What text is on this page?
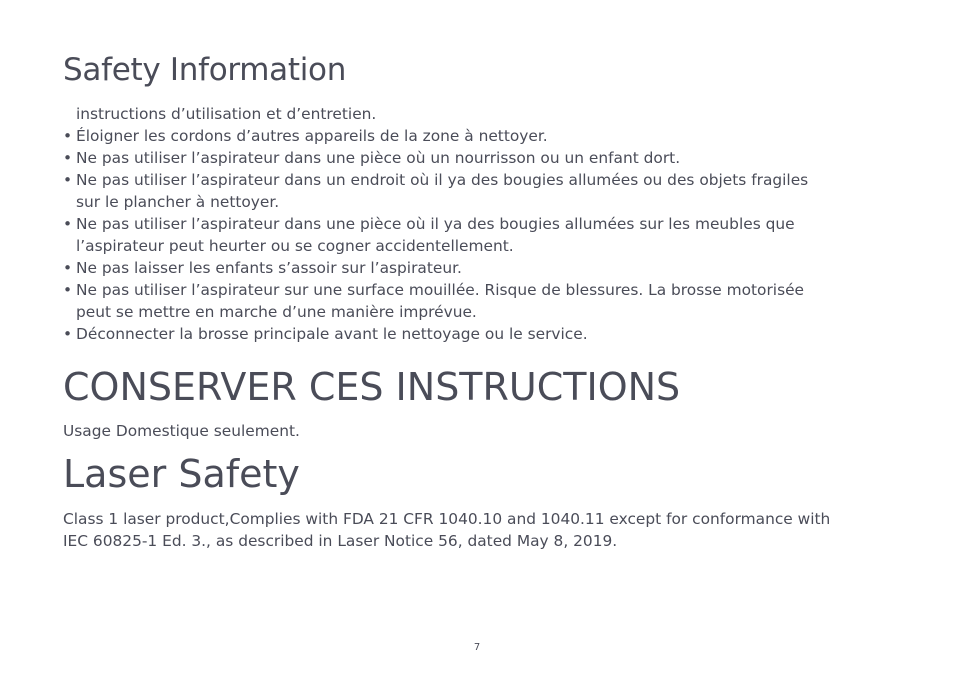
Safety Information
instructions d’utilisation et d’entretien.
• Éloigner les cordons d’autres appareils de la zone à nettoyer.
• Ne pas utiliser l’aspirateur dans une pièce où un nourrisson ou un enfant dort.
• Ne pas utiliser l’aspirateur dans un endroit où il ya des bougies allumées ou des objets fragiles
sur le plancher à nettoyer.
• Ne pas utiliser l’aspirateur dans une pièce où il ya des bougies allumées sur les meubles que
l’aspirateur peut heurter ou se cogner accidentellement.
• Ne pas laisser les enfants s’assoir sur l’aspirateur.
• Ne pas utiliser l’aspirateur sur une surface mouillée. Risque de blessures. La brosse motorisée
peut se mettre en marche d’une manière imprévue.
• Déconnecter la brosse principale avant le nettoyage ou le service.
CONSERVER CES INSTRUCTIONS
Usage Domestique seulement.
Laser Safety
Class 1 laser product,Complies with FDA 21 CFR 1040.10 and 1040.11 except for conformance with
IEC 60825-1 Ed. 3., as described in Laser Notice 56, dated May 8, 2019.
7
